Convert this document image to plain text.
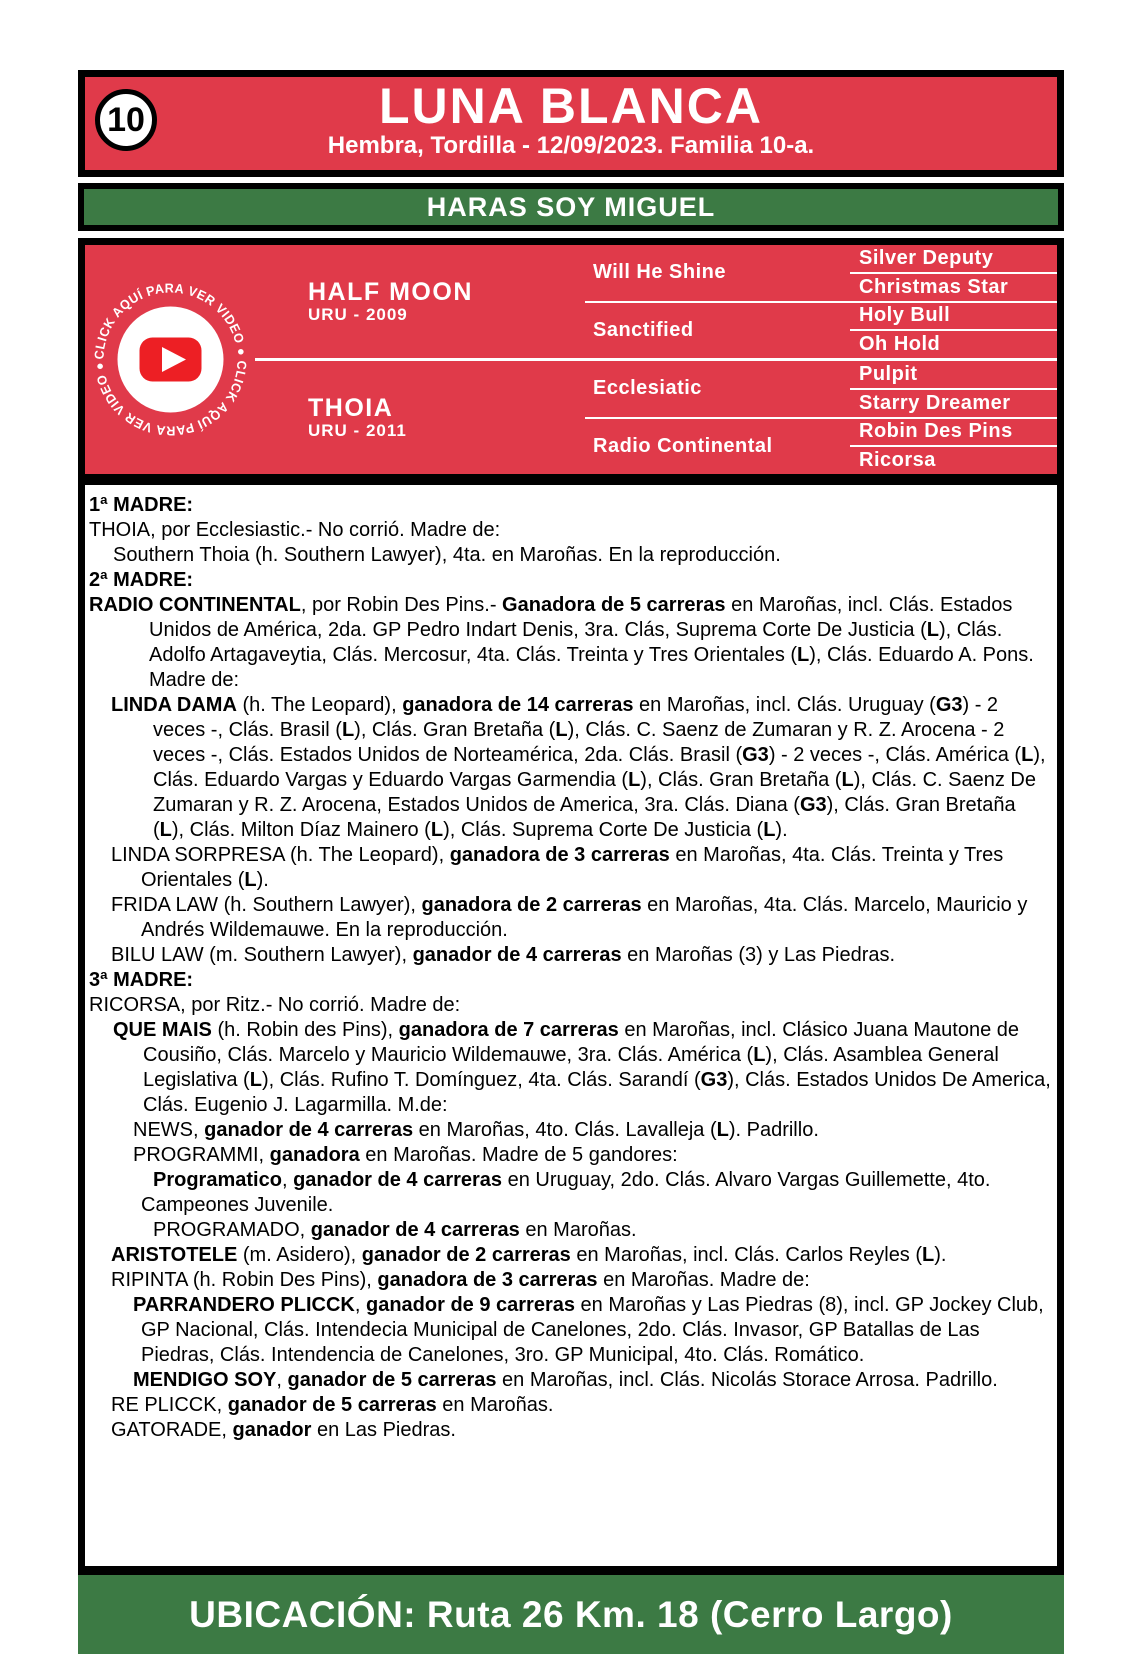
10	LUNA BLANCA
Hembra, Tordilla - 12/09/2023. Familia 10-a.
HARAS SOY MIGUEL
CLICK AQUÍ PARA VER VIDEO ● CLICK AQUÍ PARA VER VIDEO ●
HALF MOON
URU - 2009
Will He Shine
Silver Deputy
Christmas Star
Sanctified
Holy Bull
Oh Hold
THOIA
URU - 2011
Ecclesiatic
Pulpit
Starry Dreamer
Radio Continental
Robin Des Pins
Ricorsa
1ª MADRE:
THOIA, por Ecclesiastic.- No corrió. Madre de:
Southern Thoia (h. Southern Lawyer), 4ta. en Maroñas. En la reproducción.
2ª MADRE:
RADIO CONTINENTAL, por Robin Des Pins.- Ganadora de 5 carreras en Maroñas, incl. Clás. Estados Unidos de América, 2da. GP Pedro Indart Denis, 3ra. Clás, Suprema Corte De Justicia (L), Clás. Adolfo Artagaveytia, Clás. Mercosur, 4ta. Clás. Treinta y Tres Orientales (L), Clás. Eduardo A. Pons. Madre de:
LINDA DAMA (h. The Leopard), ganadora de 14 carreras en Maroñas, incl. Clás. Uruguay (G3) - 2 veces -, Clás. Brasil (L), Clás. Gran Bretaña (L), Clás. C. Saenz de Zumaran y R. Z. Arocena - 2 veces -, Clás. Estados Unidos de Norteamérica, 2da. Clás. Brasil (G3) - 2 veces -, Clás. América (L), Clás. Eduardo Vargas y Eduardo Vargas Garmendia (L), Clás. Gran Bretaña (L), Clás. C. Saenz De Zumaran y R. Z. Arocena, Estados Unidos de America, 3ra. Clás. Diana (G3), Clás. Gran Bretaña (L), Clás. Milton Díaz Mainero (L), Clás. Suprema Corte De Justicia (L).
LINDA SORPRESA (h. The Leopard), ganadora de 3 carreras en Maroñas, 4ta. Clás. Treinta y Tres Orientales (L).
FRIDA LAW (h. Southern Lawyer), ganadora de 2 carreras en Maroñas, 4ta. Clás. Marcelo, Mauricio y Andrés Wildemauwe. En la reproducción.
BILU LAW (m. Southern Lawyer), ganador de 4 carreras en Maroñas (3) y Las Piedras.
3ª MADRE:
RICORSA, por Ritz.- No corrió. Madre de:
QUE MAIS (h. Robin des Pins), ganadora de 7 carreras en Maroñas, incl. Clásico Juana Mautone de Cousiño, Clás. Marcelo y Mauricio Wildemauwe, 3ra. Clás. América (L), Clás. Asamblea General Legislativa (L), Clás. Rufino T. Domínguez, 4ta. Clás. Sarandí (G3), Clás. Estados Unidos De America, Clás. Eugenio J. Lagarmilla. M.de:
NEWS, ganador de 4 carreras en Maroñas, 4to. Clás. Lavalleja (L). Padrillo.
PROGRAMMI, ganadora en Maroñas. Madre de 5 gandores:
Programatico, ganador de 4 carreras en Uruguay, 2do. Clás. Alvaro Vargas Guillemette, 4to. Campeones Juvenile.
PROGRAMADO, ganador de 4 carreras en Maroñas.
ARISTOTELE (m. Asidero), ganador de 2 carreras en Maroñas, incl. Clás. Carlos Reyles (L).
RIPINTA (h. Robin Des Pins), ganadora de 3 carreras en Maroñas. Madre de:
PARRANDERO PLICCK, ganador de 9 carreras en Maroñas y Las Piedras (8), incl. GP Jockey Club, GP Nacional, Clás. Intendecia Municipal de Canelones, 2do. Clás. Invasor, GP Batallas de Las Piedras, Clás. Intendencia de Canelones, 3ro. GP Municipal, 4to. Clás. Romático.
MENDIGO SOY, ganador de 5 carreras en Maroñas, incl. Clás. Nicolás Storace Arrosa. Padrillo.
RE PLICCK, ganador de 5 carreras en Maroñas.
GATORADE, ganador en Las Piedras.
UBICACIÓN: Ruta 26 Km. 18 (Cerro Largo)
